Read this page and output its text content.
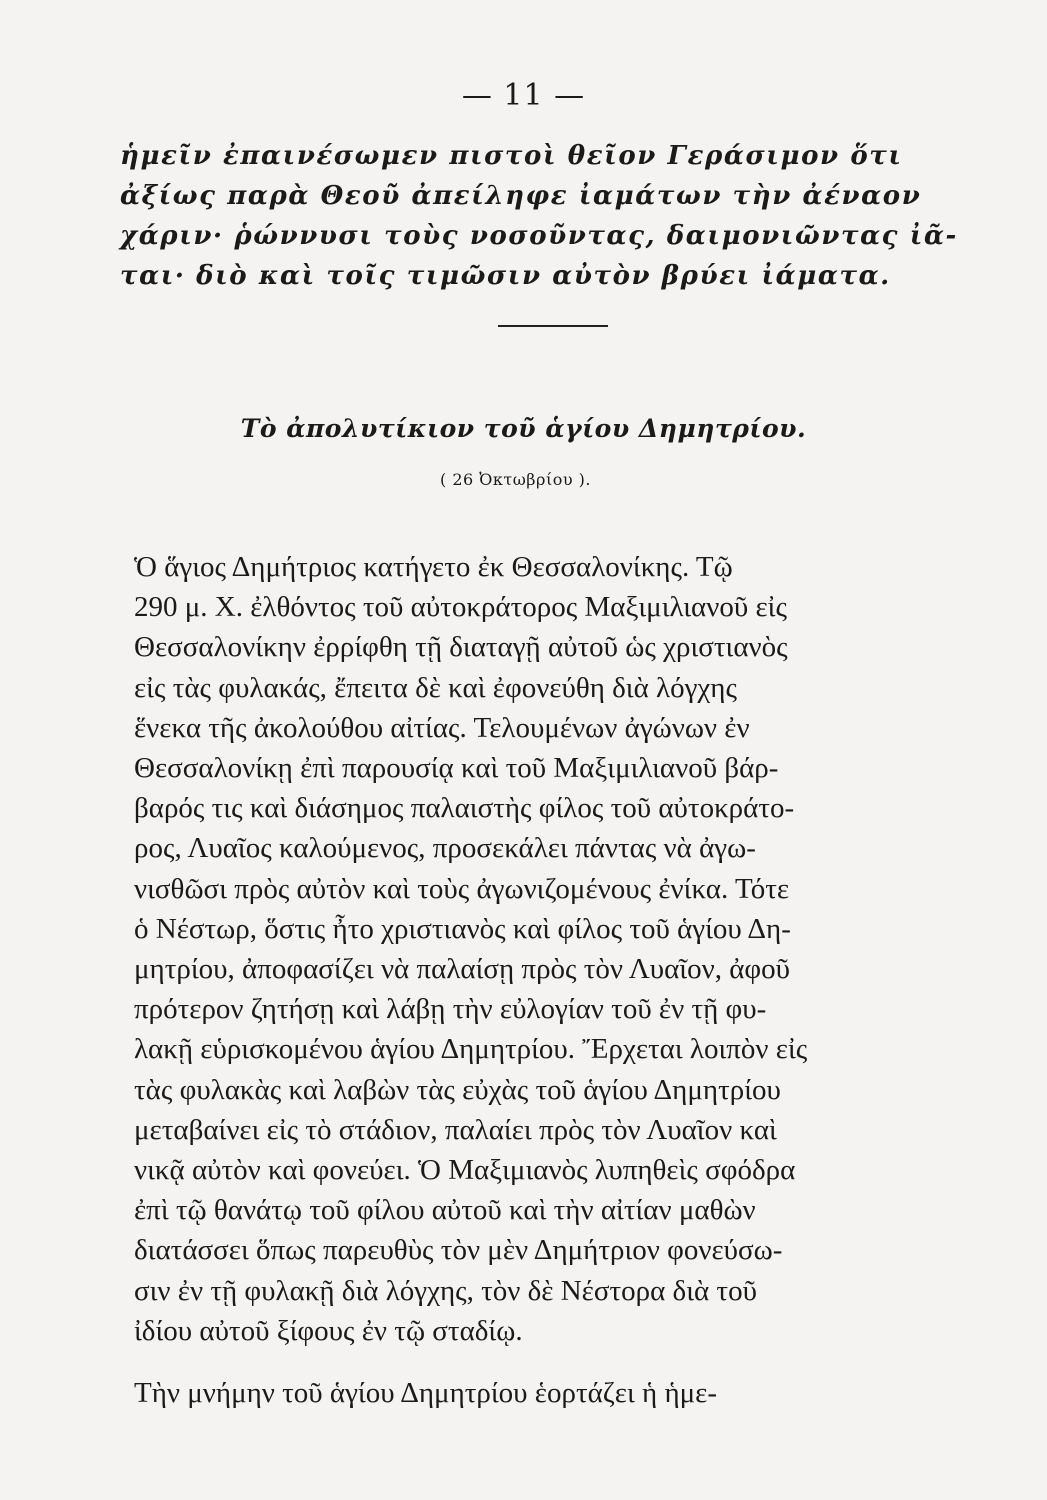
— 11 —
ἡμεῖν ἐπαινέσωμεν πιστοὶ θεῖον Γεράσιμον ὅτι
ἀξίως παρὰ Θεοῦ ἀπείληφε ἰαμάτων τὴν ἀέναον
χάριν· ῥώννυσι τοὺς νοσοῦντας, δαιμονιῶντας ἰᾶ-
ται· διὸ καὶ τοῖς τιμῶσιν αὐτὸν βρύει ἰάματα.
Τὸ ἀπολυτίκιον τοῦ ἁγίου Δημητρίου.
( 26 Ὀκτωβρίου ).
Ὁ ἅγιος Δημήτριος κατήγετο ἐκ Θεσσαλονίκης. Τῷ
290 μ. Χ. ἐλθόντος τοῦ αὐτοκράτορος Μαξιμιλιανοῦ εἰς
Θεσσαλονίκην ἐρρίφθη τῇ διαταγῇ αὐτοῦ ὡς χριστιανὸς
εἰς τὰς φυλακάς, ἔπειτα δὲ καὶ ἐφονεύθη διὰ λόγχης
ἕνεκα τῆς ἀκολούθου αἰτίας. Τελουμένων ἀγώνων ἐν
Θεσσαλονίκῃ ἐπὶ παρουσίᾳ καὶ τοῦ Μαξιμιλιανοῦ βάρ-
βαρός τις καὶ διάσημος παλαιστὴς φίλος τοῦ αὐτοκράτο-
ρος, Λυαῖος καλούμενος, προσεκάλει πάντας νὰ ἀγω-
νισθῶσι πρὸς αὐτὸν καὶ τοὺς ἀγωνιζομένους ἐνίκα. Τότε
ὁ Νέστωρ, ὅστις ἦτο χριστιανὸς καὶ φίλος τοῦ ἁγίου Δη-
μητρίου, ἀποφασίζει νὰ παλαίσῃ πρὸς τὸν Λυαῖον, ἀφοῦ
πρότερον ζητήσῃ καὶ λάβῃ τὴν εὐλογίαν τοῦ ἐν τῇ φυ-
λακῇ εὑρισκομένου ἁγίου Δημητρίου. Ἔρχεται λοιπὸν εἰς
τὰς φυλακὰς καὶ λαβὼν τὰς εὐχὰς τοῦ ἁγίου Δημητρίου
μεταβαίνει εἰς τὸ στάδιον, παλαίει πρὸς τὸν Λυαῖον καὶ
νικᾷ αὐτὸν καὶ φονεύει. Ὁ Μαξιμιανὸς λυπηθεὶς σφόδρα
ἐπὶ τῷ θανάτῳ τοῦ φίλου αὐτοῦ καὶ τὴν αἰτίαν μαθὼν
διατάσσει ὅπως παρευθὺς τὸν μὲν Δημήτριον φονεύσω-
σιν ἐν τῇ φυλακῇ διὰ λόγχης, τὸν δὲ Νέστορα διὰ τοῦ
ἰδίου αὐτοῦ ξίφους ἐν τῷ σταδίῳ.
Τὴν μνήμην τοῦ ἁγίου Δημητρίου ἑορτάζει ἡ ἡμε-
